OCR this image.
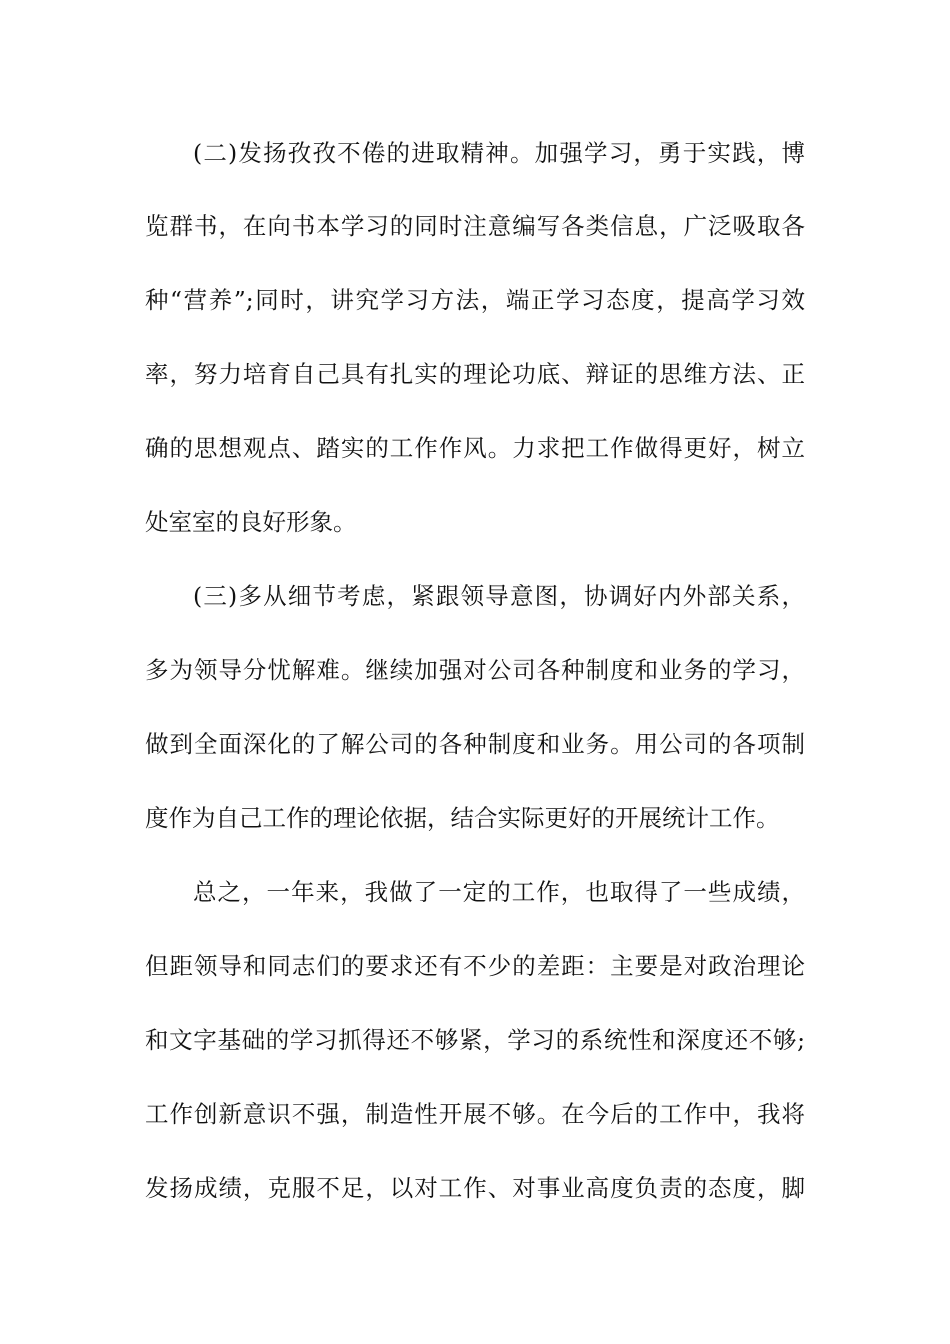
(二)发扬孜孜不倦的进取精神。加强学习，勇于实践，博
览群书，在向书本学习的同时注意编写各类信息，广泛吸取各
种“营养”;同时，讲究学习方法，端正学习态度，提高学习效
率，努力培育自己具有扎实的理论功底、辩证的思维方法、正
确的思想观点、踏实的工作作风。力求把工作做得更好，树立
处室室的良好形象。
(三)多从细节考虑，紧跟领导意图，协调好内外部关系，
多为领导分忧解难。继续加强对公司各种制度和业务的学习，
做到全面深化的了解公司的各种制度和业务。用公司的各项制
度作为自己工作的理论依据，结合实际更好的开展统计工作。
总之，一年来，我做了一定的工作，也取得了一些成绩，
但距领导和同志们的要求还有不少的差距：主要是对政治理论
和文字基础的学习抓得还不够紧，学习的系统性和深度还不够;
工作创新意识不强，制造性开展不够。在今后的工作中，我将
发扬成绩，克服不足，以对工作、对事业高度负责的态度，脚
